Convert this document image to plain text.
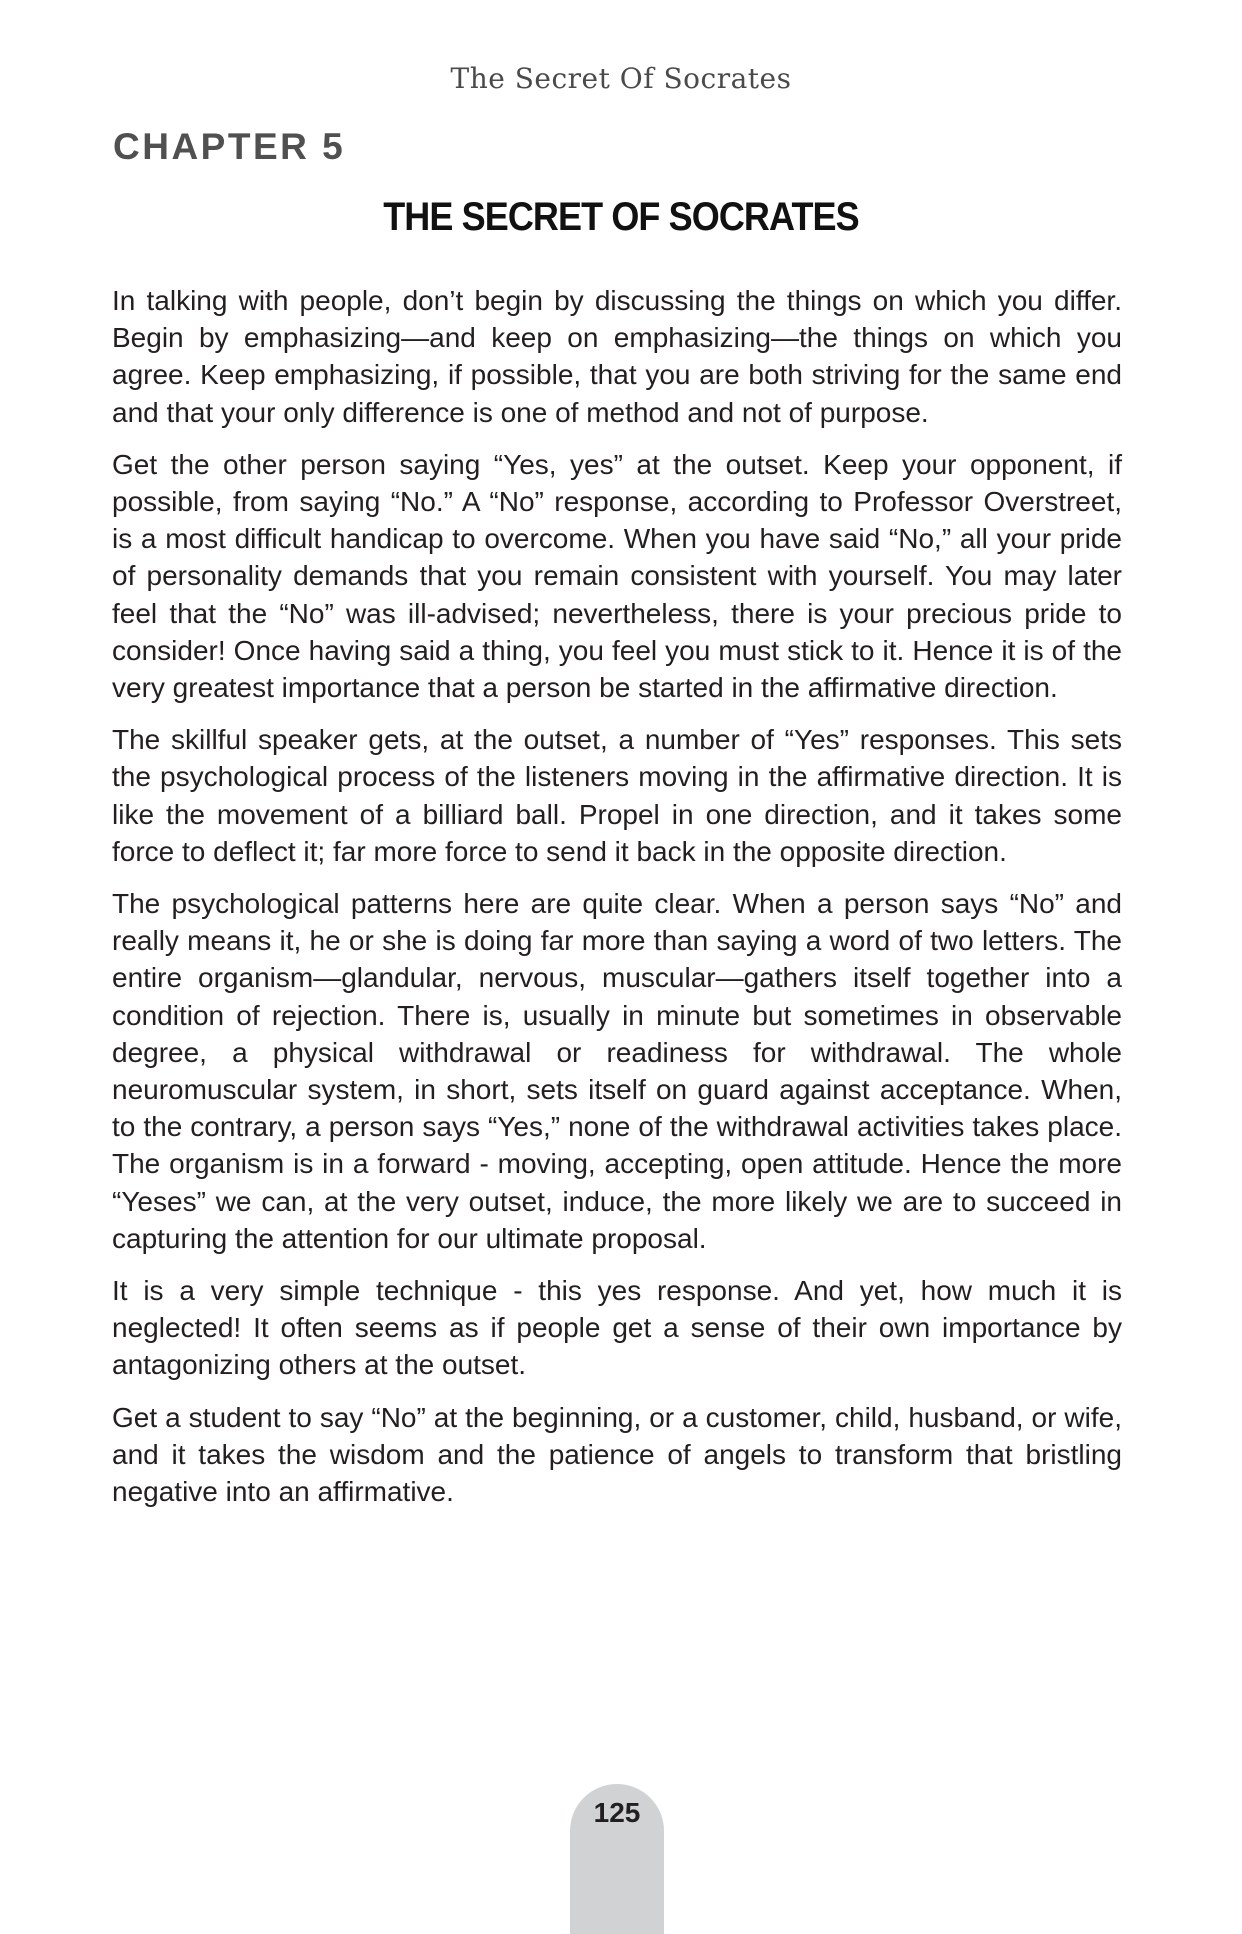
The Secret Of Socrates
CHAPTER 5
THE SECRET OF SOCRATES

In talking with people, don’t begin by discussing the things on which you differ. Begin by emphasizing—and keep on emphasizing—the things on which you agree. Keep emphasizing, if possible, that you are both striving for the same end and that your only difference is one of method and not of purpose.

Get the other person saying “Yes, yes” at the outset. Keep your opponent, if possible, from saying “No.” A “No” response, according to Professor Overstreet, is a most difficult handicap to overcome. When you have said “No,” all your pride of personality demands that you remain consistent with yourself. You may later feel that the “No” was ill-advised; nevertheless, there is your precious pride to consider! Once having said a thing, you feel you must stick to it. Hence it is of the very greatest importance that a person be started in the affirmative direction.

The skillful speaker gets, at the outset, a number of “Yes” responses. This sets the psychological process of the listeners moving in the affirmative direction. It is like the movement of a billiard ball. Propel in one direction, and it takes some force to deflect it; far more force to send it back in the opposite direction.

The psychological patterns here are quite clear. When a person says “No” and really means it, he or she is doing far more than saying a word of two letters. The entire organism—glandular, nervous, muscular—gathers itself together into a condition of rejection. There is, usually in minute but sometimes in observable degree, a physical withdrawal or readiness for withdrawal. The whole neuromuscular system, in short, sets itself on guard against acceptance. When, to the contrary, a person says “Yes,” none of the withdrawal activities takes place. The organism is in a forward - moving, accepting, open attitude. Hence the more “Yeses” we can, at the very outset, induce, the more likely we are to succeed in capturing the attention for our ultimate proposal.

It is a very simple technique - this yes response. And yet, how much it is neglected! It often seems as if people get a sense of their own importance by antagonizing others at the outset.

Get a student to say “No” at the beginning, or a customer, child, husband, or wife, and it takes the wisdom and the patience of angels to transform that bristling negative into an affirmative.

125
